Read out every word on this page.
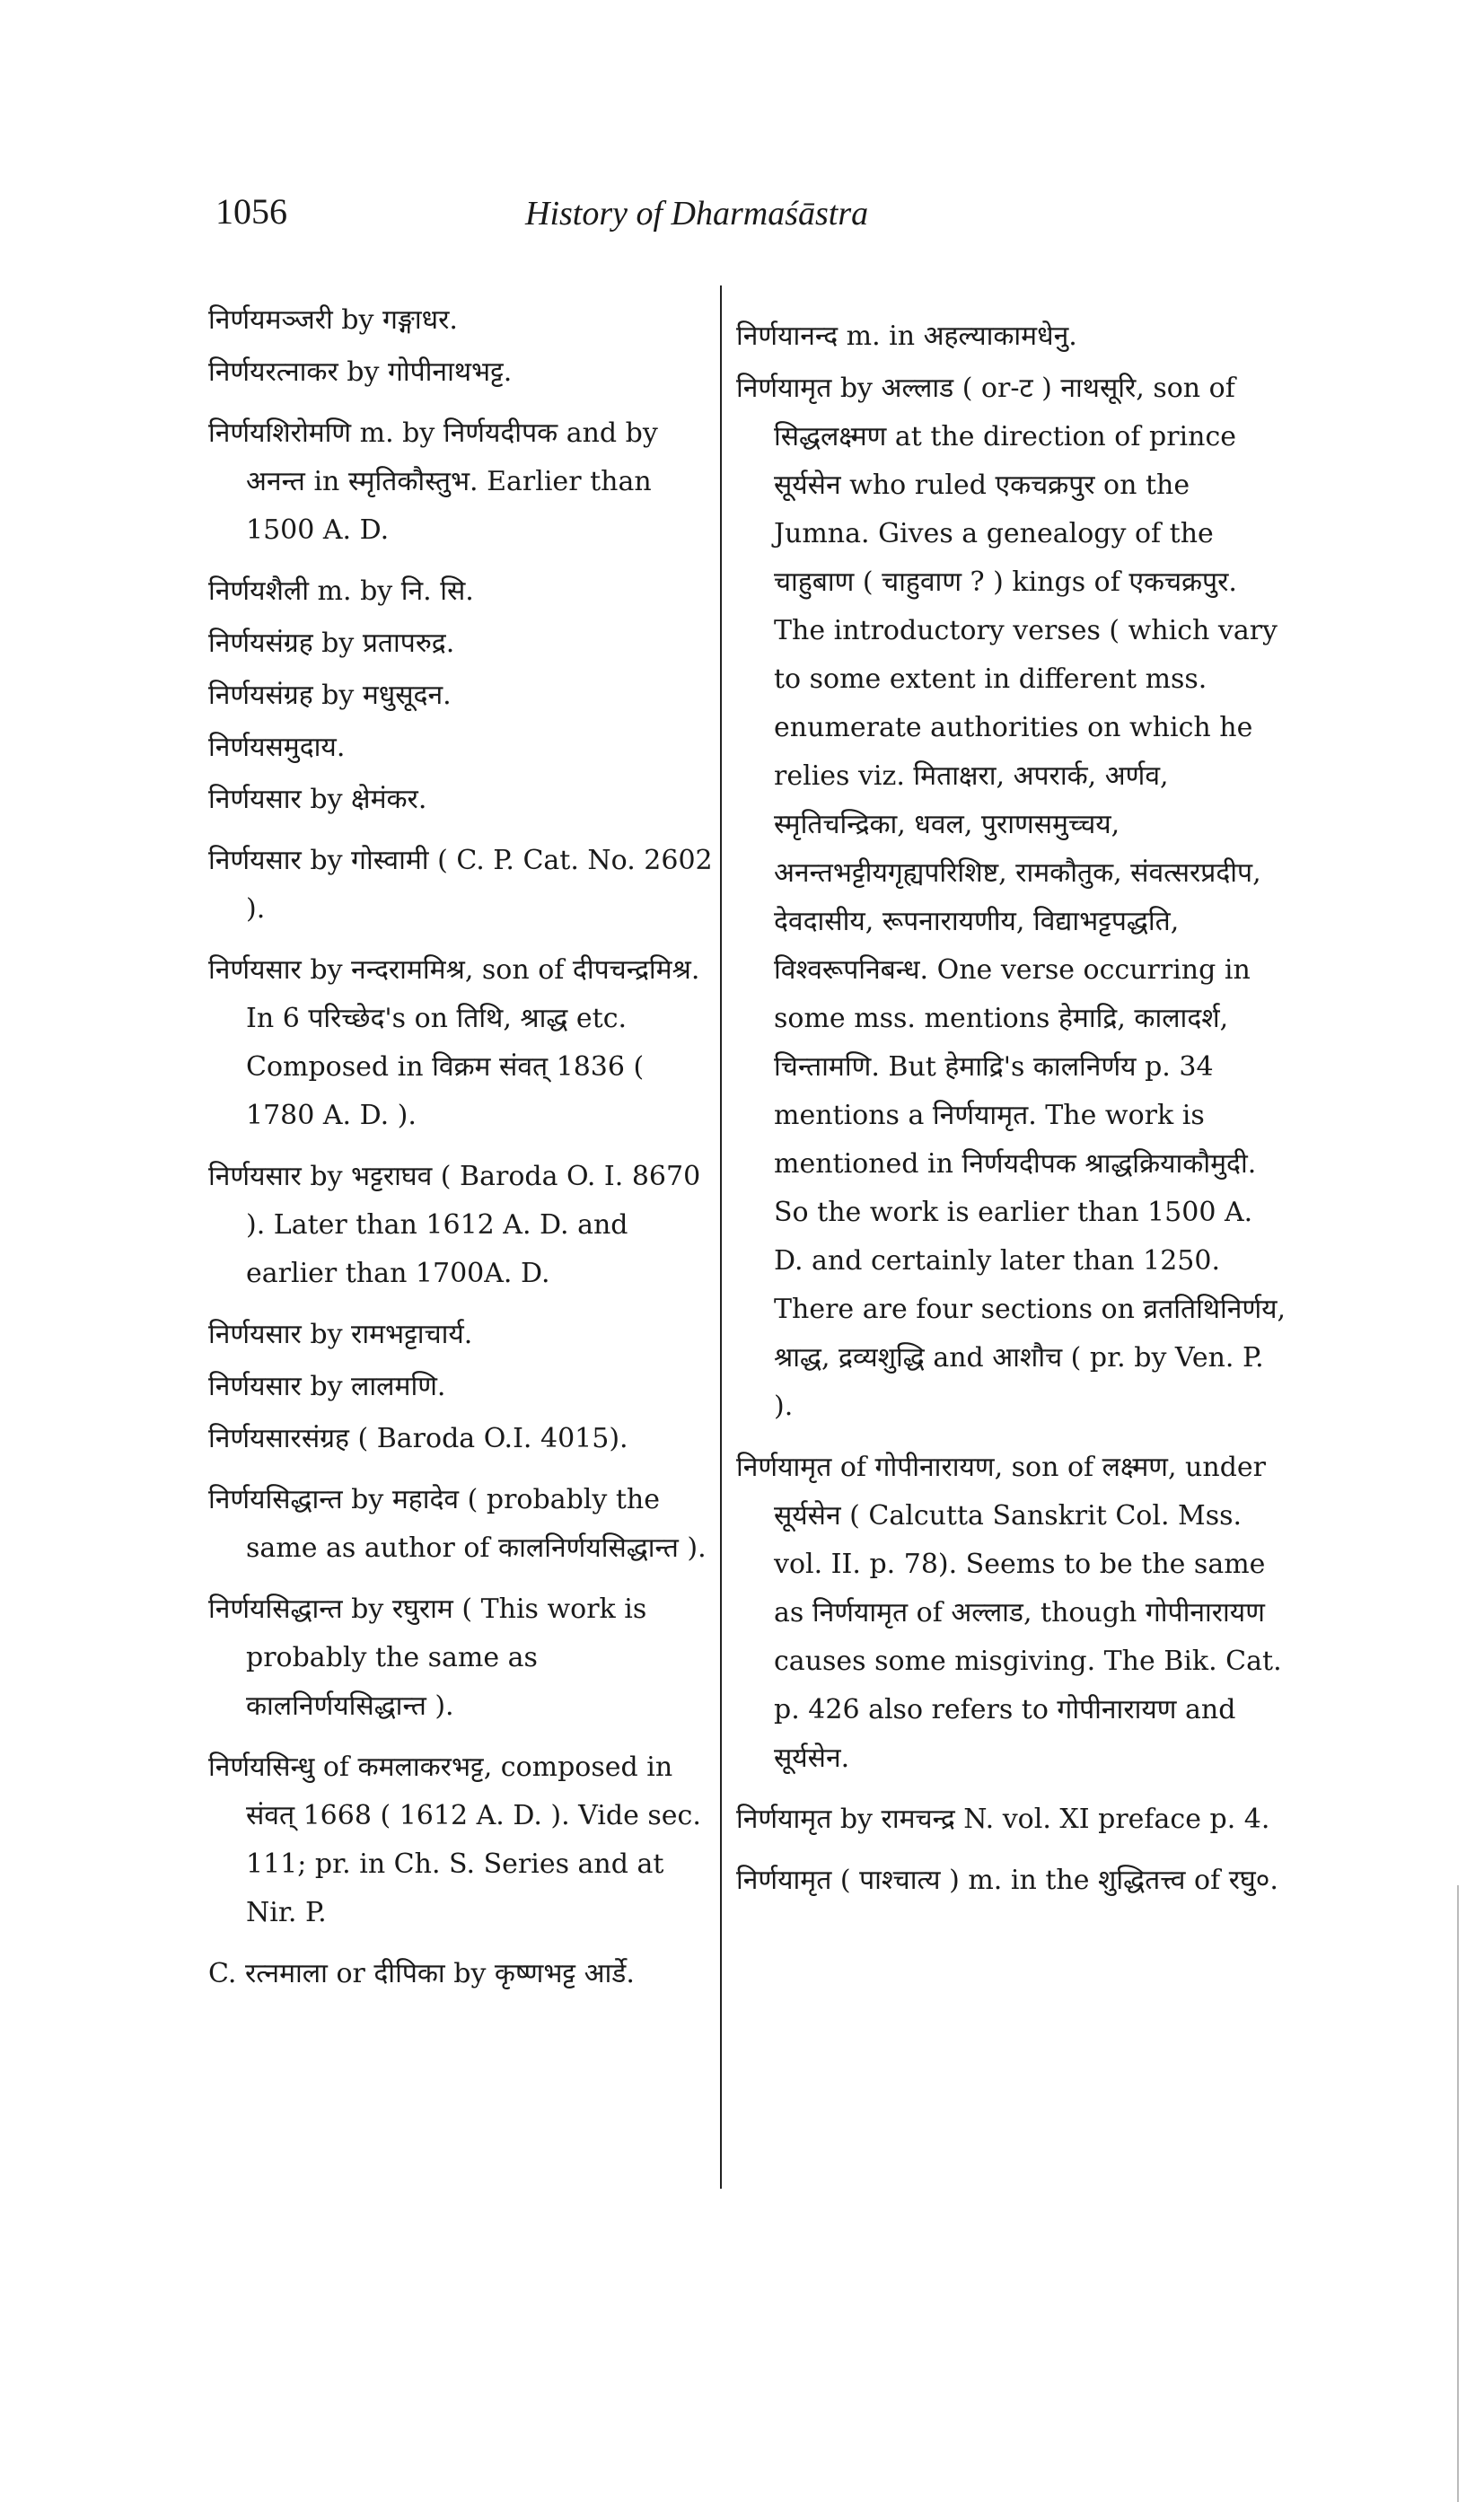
1056	History of Dharmaśāstra

निर्णयमञ्जरी by गङ्गाधर.

निर्णयरत्नाकर by गोपीनाथभट्ट.

निर्णयशिरोमणि m. by निर्णयदीपक and by अनन्त in स्मृतिकौस्तुभ. Earlier than 1500 A. D.

निर्णयशैली m. by नि. सि.

निर्णयसंग्रह by प्रतापरुद्र.

निर्णयसंग्रह by मधुसूदन.

निर्णयसमुदाय.

निर्णयसार by क्षेमंकर.

निर्णयसार by गोस्वामी ( C. P. Cat. No. 2602 ).

निर्णयसार by नन्दराममिश्र, son of दीपचन्द्रमिश्र. In 6 परिच्छेद's on तिथि, श्राद्ध etc. Composed in विक्रम संवत् 1836 ( 1780 A. D. ).

निर्णयसार by भट्टराघव ( Baroda O. I. 8670 ). Later than 1612 A. D. and earlier than 1700A. D.

निर्णयसार by रामभट्टाचार्य.

निर्णयसार by लालमणि.

निर्णयसारसंग्रह ( Baroda O.I. 4015).

निर्णयसिद्धान्त by महादेव ( probably the same as author of कालनिर्णयसिद्धान्त ).

निर्णयसिद्धान्त by रघुराम ( This work is probably the same as कालनिर्णयसिद्धान्त ).

निर्णयसिन्धु of कमलाकरभट्ट, composed in संवत् 1668 ( 1612 A. D. ). Vide sec. 111; pr. in Ch. S. Series and at Nir. P.

C. रत्नमाला or दीपिका by कृष्णभट्ट आर्डे.

निर्णयानन्द m. in अहल्याकामधेनु.

निर्णयामृत by अल्लाड ( or-ट ) नाथसूरि, son of सिद्धलक्ष्मण at the direction of prince सूर्यसेन who ruled एकचक्रपुर on the Jumna. Gives a genealogy of the चाहुबाण ( चाहुवाण ? ) kings of एकचक्रपुर. The introductory verses ( which vary to some extent in different mss. enumerate authorities on which he relies viz. मिताक्षरा, अपरार्क, अर्णव, स्मृतिचन्द्रिका, धवल, पुराणसमुच्चय, अनन्तभट्टीयगृह्यपरिशिष्ट, रामकौतुक, संवत्सरप्रदीप, देवदासीय, रूपनारायणीय, विद्याभट्टपद्धति, विश्वरूपनिबन्ध. One verse occurring in some mss. mentions हेमाद्रि, कालादर्श, चिन्तामणि. But हेमाद्रि's कालनिर्णय p. 34 mentions a निर्णयामृत. The work is mentioned in निर्णयदीपक श्राद्धक्रियाकौमुदी. So the work is earlier than 1500 A. D. and certainly later than 1250. There are four sections on व्रततिथिनिर्णय, श्राद्ध, द्रव्यशुद्धि and आशौच ( pr. by Ven. P. ).

निर्णयामृत of गोपीनारायण, son of लक्ष्मण, under सूर्यसेन ( Calcutta Sanskrit Col. Mss. vol. II. p. 78). Seems to be the same as निर्णयामृत of अल्लाड, though गोपीनारायण causes some misgiving. The Bik. Cat. p. 426 also refers to गोपीनारायण and सूर्यसेन.

निर्णयामृत by रामचन्द्र N. vol. XI preface p. 4.

निर्णयामृत ( पाश्चात्य ) m. in the शुद्धितत्त्व of रघु०.
